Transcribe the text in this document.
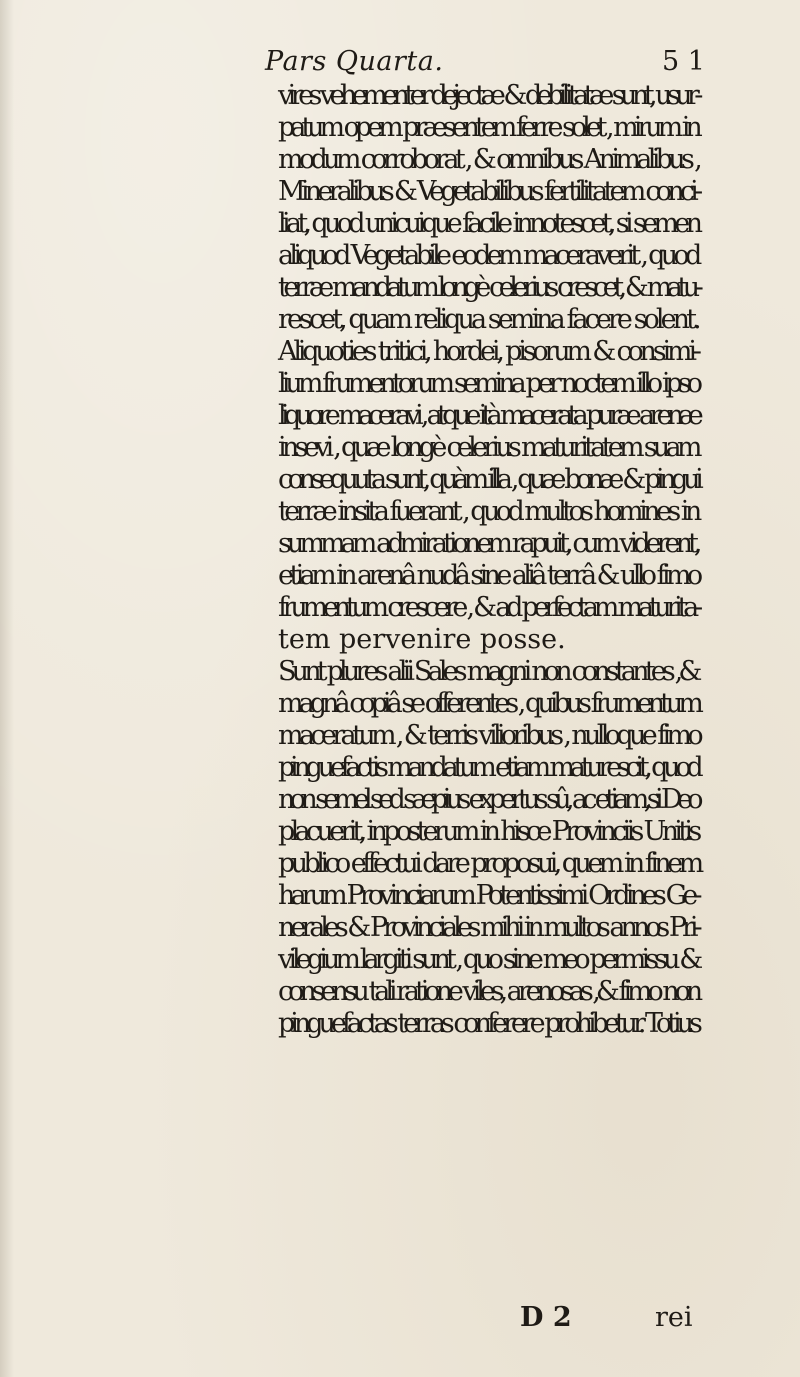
Pars Quarta.	5 1
vires vehementer dejectæ & debilitatæ sunt, usur-
patum opem præsentem ferre solet , mirum in
modum corroborat , & omnibus Animalibus ,
Mineralibus & Vegetabilibus fertilitatem conci-
liat, quod unicuique facile innotescet, si semen
aliquod Vegetabile eodem maceraverit , quod
terræ mandatum longè celerius crescet, & matu-
rescet, quam reliqua semina facere solent.
Aliquoties tritici, hordei, pisorum & consimi-
lium frumentorum semina per noctem illo ipso
liquore maceravi , atque ità macerata puræ arenæ
insevi , quæ longè celerius maturitatem suam
consequuta sunt, quàm illa , quæ bonæ & pingui
terræ insita fuerant , quod multos homines in
summam admirationem rapuit, cum viderent,
etiam in arenâ nudâ sine aliâ terrâ & ullo fimo
frumentum crescere , & ad perfectam maturita-
tem pervenire posse.
Sunt plures alii Sales magni non constantes ,&
magnâ copiâ se offerentes , quibus frumentum
maceratum , & terris vilioribus , nulloque fimo
pinguefactis mandatum etiam maturescit, quod
non semel sed sæpius expertus sû, ac etiam,si Deo
placuerit, inposterum in hisce Provinciis Unitis
publico effectui dare proposui, quem in finem
harum Provinciarum Potentissimi Ordines Ge-
nerales & Provinciales mihi in multos annos Pri-
vilegium largiti sunt , quo sine meo permissu &
consensu tali ratione viles, arenosas ,& fimo non
pinguefactas terras conferere prohibetur. Totius
D 2	rei
